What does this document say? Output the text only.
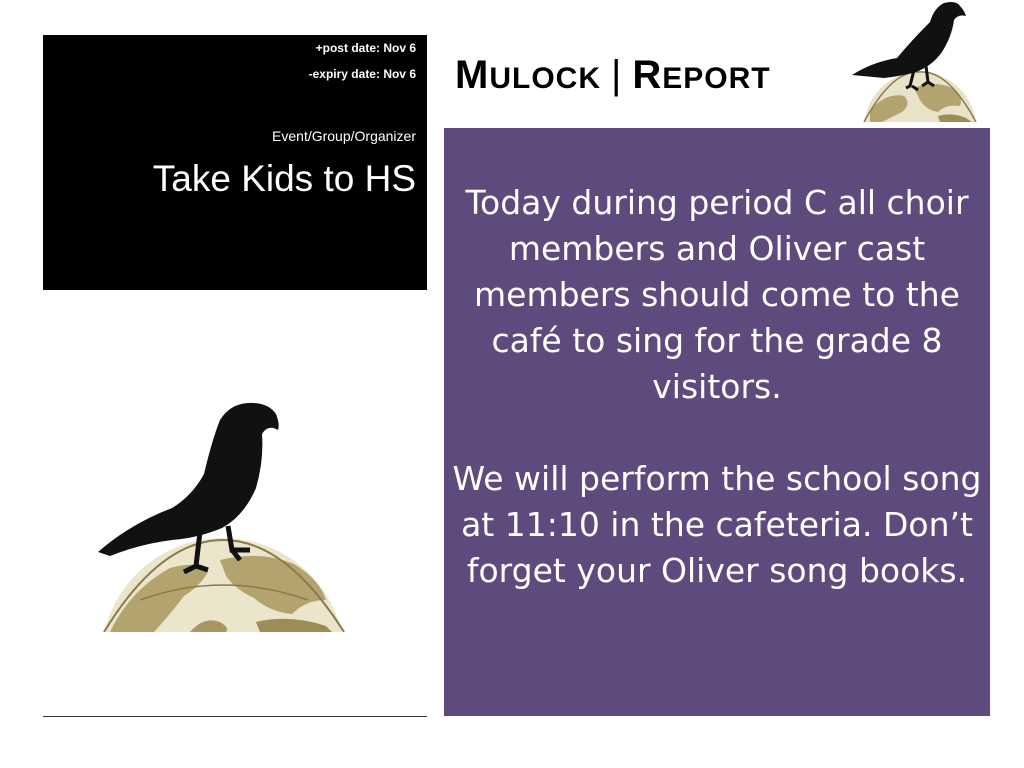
+post date: Nov 6
-expiry date: Nov 6
Event/Group/Organizer
Take Kids to HS
MULOCK | REPORT

Today during period C all choir members and Oliver cast members should come to the café to sing for the grade 8 visitors.

We will perform the school song at 11:10 in the cafeteria. Don’t forget your Oliver song books.
